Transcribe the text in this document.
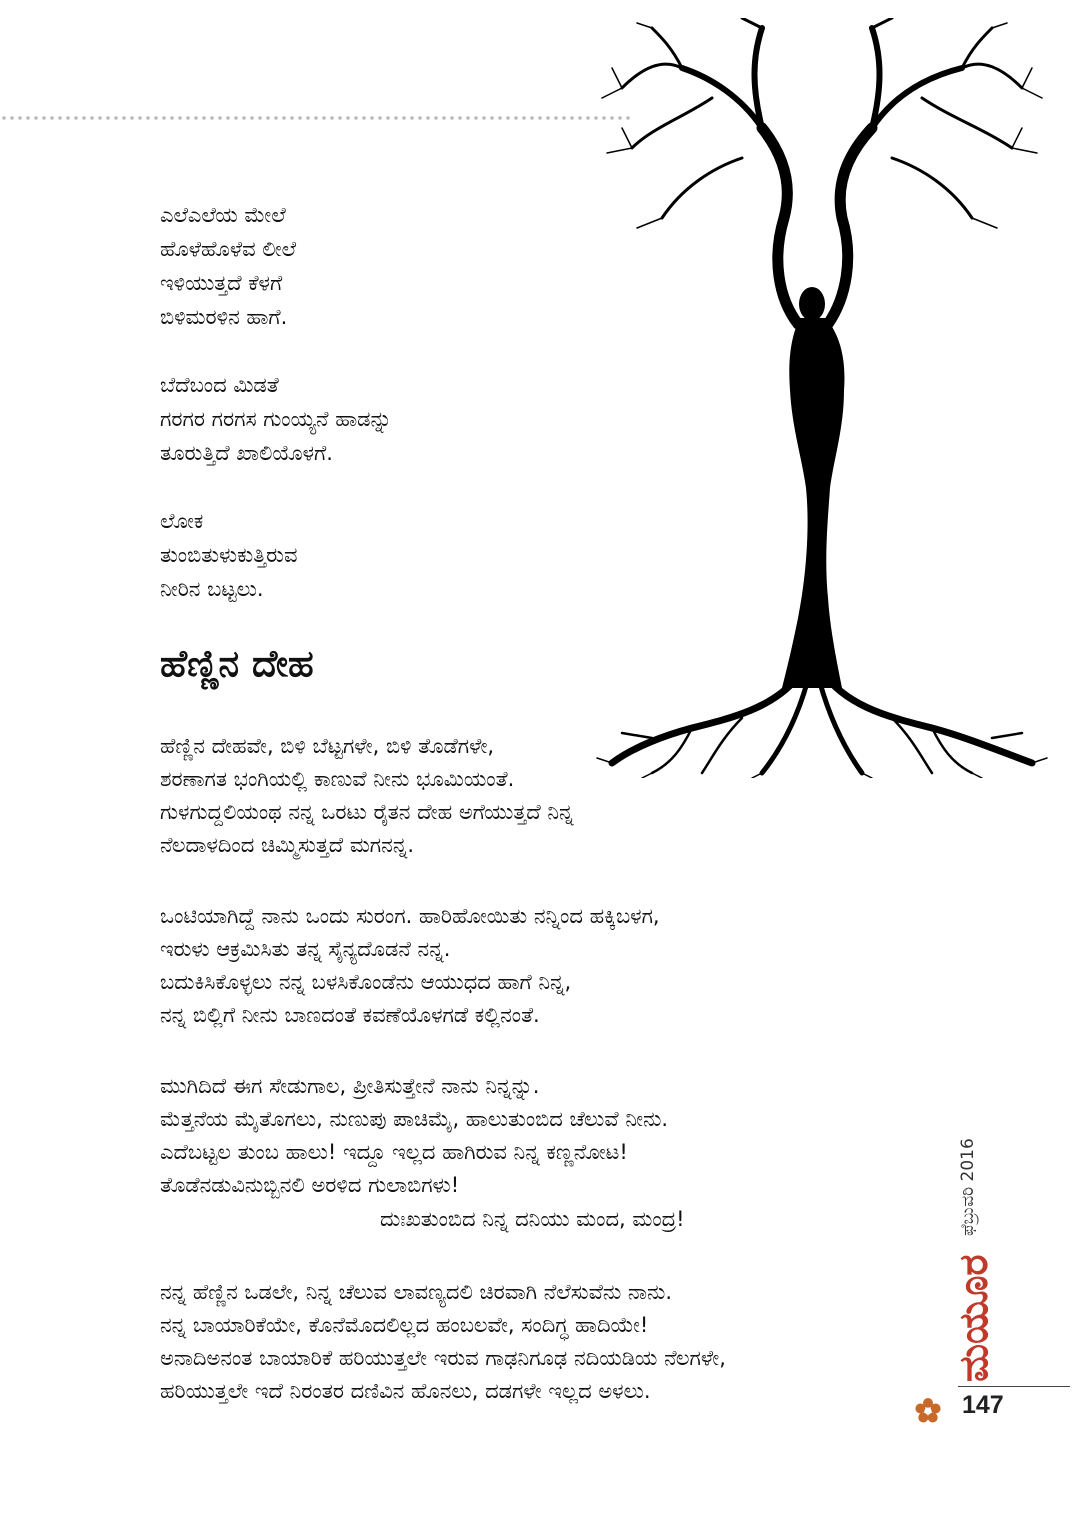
ಎಲೆಎಲೆಯ ಮೇಲೆ
ಹೊಳೆಹೊಳೆವ ಲೀಲೆ
ಇಳಿಯುತ್ತದೆ ಕೆಳಗೆ
ಬಿಳಿಮರಳಿನ ಹಾಗೆ.
ಬೆದೆಬಂದ ಮಿಡತೆ
ಗರಗರ ಗರಗಸ ಗುಂಯ್ಯನೆ ಹಾಡನ್ನು
ತೂರುತ್ತಿದೆ ಖಾಲಿಯೊಳಗೆ.
ಲೋಕ
ತುಂಬಿತುಳುಕುತ್ತಿರುವ
ನೀರಿನ ಬಟ್ಟಲು.
ಹೆಣ್ಣಿನ ದೇಹ
ಹೆಣ್ಣಿನ ದೇಹವೇ, ಬಿಳಿ ಬೆಟ್ಟಗಳೇ, ಬಿಳಿ ತೊಡೆಗಳೇ,
ಶರಣಾಗತ ಭಂಗಿಯಲ್ಲಿ ಕಾಣುವೆ ನೀನು ಭೂಮಿಯಂತೆ.
ಗುಳಗುದ್ದಲಿಯಂಥ ನನ್ನ ಒರಟು ರೈತನ ದೇಹ ಅಗೆಯುತ್ತದೆ ನಿನ್ನ
ನೆಲದಾಳದಿಂದ ಚಿಮ್ಮಿಸುತ್ತದೆ ಮಗನನ್ನ.
ಒಂಟಿಯಾಗಿದ್ದೆ ನಾನು ಒಂದು ಸುರಂಗ. ಹಾರಿಹೋಯಿತು ನನ್ನಿಂದ ಹಕ್ಕಿಬಳಗ,
ಇರುಳು ಆಕ್ರಮಿಸಿತು ತನ್ನ ಸೈನ್ಯದೊಡನೆ ನನ್ನ.
ಬದುಕಿಸಿಕೊಳ್ಳಲು ನನ್ನ ಬಳಸಿಕೊಂಡೆನು ಆಯುಧದ ಹಾಗೆ ನಿನ್ನ,
ನನ್ನ ಬಿಲ್ಲಿಗೆ ನೀನು ಬಾಣದಂತೆ ಕವಣೆಯೊಳಗಡೆ ಕಲ್ಲಿನಂತೆ.
ಮುಗಿದಿದೆ ಈಗ ಸೇಡುಗಾಲ, ಪ್ರೀತಿಸುತ್ತೇನೆ ನಾನು ನಿನ್ನನ್ನು.
ಮೆತ್ತನೆಯ ಮೈತೊಗಲು, ನುಣುಪು ಪಾಚಿಮೈ, ಹಾಲುತುಂಬಿದ ಚೆಲುವೆ ನೀನು.
ಎದೆಬಟ್ಟಲ ತುಂಬ ಹಾಲು! ಇದ್ದೂ ಇಲ್ಲದ ಹಾಗಿರುವ ನಿನ್ನ ಕಣ್ಣನೋಟ!
ತೊಡೆನಡುವಿನುಬ್ಬಿನಲಿ ಅರಳಿದ ಗುಲಾಬಿಗಳು!
ದುಃಖತುಂಬಿದ ನಿನ್ನ ದನಿಯು ಮಂದ, ಮಂದ್ರ!
ನನ್ನ ಹೆಣ್ಣಿನ ಒಡಲೇ, ನಿನ್ನ ಚೆಲುವ ಲಾವಣ್ಯದಲಿ ಚಿರವಾಗಿ ನೆಲೆಸುವೆನು ನಾನು.
ನನ್ನ ಬಾಯಾರಿಕೆಯೇ, ಕೊನೆಮೊದಲಿಲ್ಲದ ಹಂಬಲವೇ, ಸಂದಿಗ್ಧ ಹಾದಿಯೇ!
ಅನಾದಿಅನಂತ ಬಾಯಾರಿಕೆ ಹರಿಯುತ್ತಲೇ ಇರುವ ಗಾಢನಿಗೂಢ ನದಿಯಡಿಯ ನೆಲಗಳೇ,
ಹರಿಯುತ್ತಲೇ ಇದೆ ನಿರಂತರ ದಣಿವಿನ ಹೊನಲು, ದಡಗಳೇ ಇಲ್ಲದ ಅಳಲು.
ಫೆಬ್ರುವರಿ 2016
ಮಯೂರ
147
